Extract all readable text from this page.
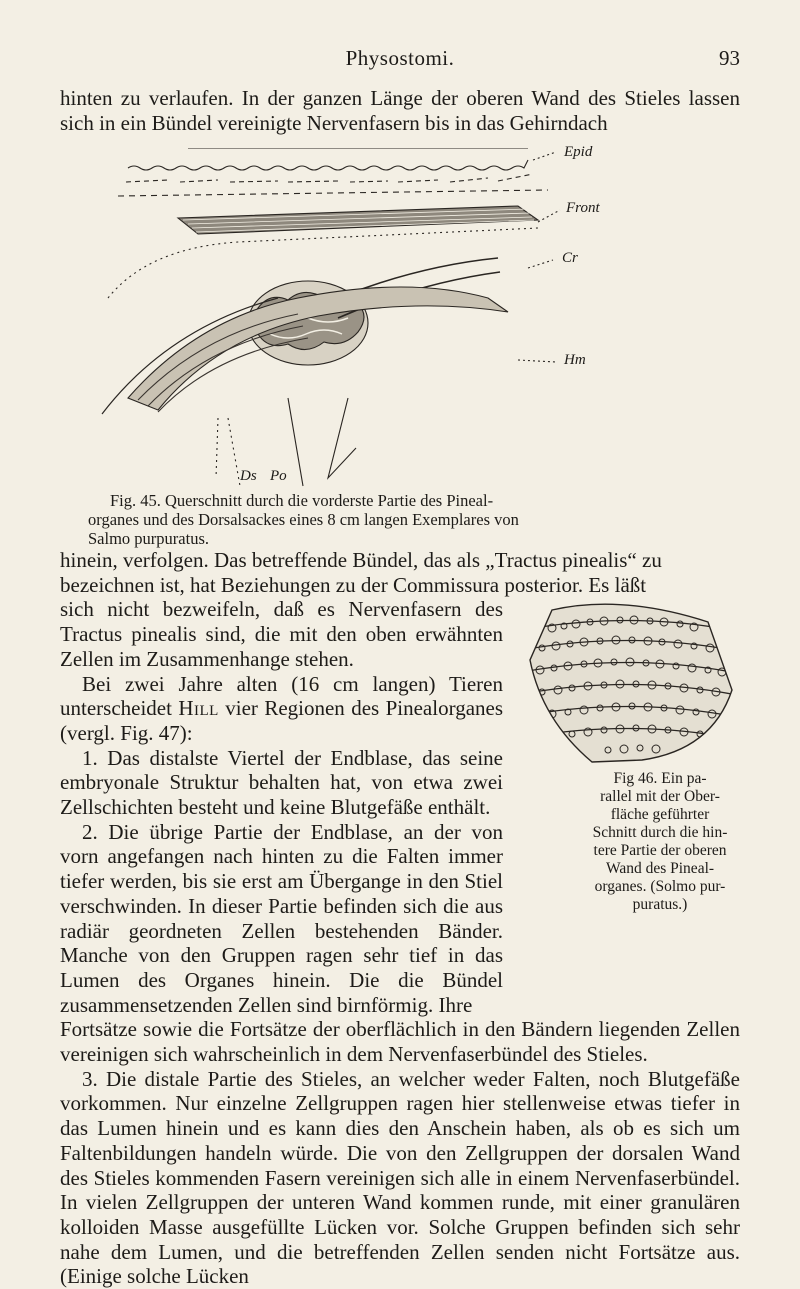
Physostomi.	93

hinten zu verlaufen. In der ganzen Länge der oberen Wand des Stieles lassen sich in ein Bündel vereinigte Nervenfasern bis in das Gehirndach

Epid
Front
Cr
Hm
Ds Po

Fig. 45. Querschnitt durch die vorderste Partie des Pineal-

organes und des Dorsalsackes eines 8 cm langen Exemplares von

Salmo purpuratus.

hinein, verfolgen. Das betreffende Bündel, das als „Tractus pinealis“ zu

bezeichnen ist, hat Beziehungen zu der Commissura posterior. Es läßt

sich nicht bezweifeln, daß es Nervenfasern des Tractus pinealis sind, die mit den oben erwähnten Zellen im Zusammenhange stehen.

Bei zwei Jahre alten (16 cm langen) Tieren unterscheidet Hill vier Regionen des Pinealorganes (vergl. Fig. 47):

1. Das distalste Viertel der Endblase, das seine embryonale Struktur behalten hat, von etwa zwei Zellschichten besteht und keine Blutgefäße enthält.

2. Die übrige Partie der Endblase, an der von vorn angefangen nach hinten zu die Falten immer tiefer werden, bis sie erst am Übergange in den Stiel verschwinden. In dieser Partie befinden sich die aus radiär geordneten Zellen bestehenden Bänder. Manche von den Gruppen ragen sehr tief in das Lumen des Organes hinein. Die die Bündel zusammensetzenden Zellen sind birnförmig. Ihre

Fortsätze sowie die Fortsätze der oberflächlich in den Bändern liegenden Zellen vereinigen sich wahrscheinlich in dem Nervenfaserbündel des Stieles.

3. Die distale Partie des Stieles, an welcher weder Falten, noch Blutgefäße vorkommen. Nur einzelne Zellgruppen ragen hier stellenweise etwas tiefer in das Lumen hinein und es kann dies den Anschein haben, als ob es sich um Faltenbildungen handeln würde. Die von den Zellgruppen der dorsalen Wand des Stieles kommenden Fasern vereinigen sich alle in einem Nervenfaserbündel. In vielen Zellgruppen der unteren Wand kommen runde, mit einer granulären kolloiden Masse ausgefüllte Lücken vor. Solche Gruppen befinden sich sehr nahe dem Lumen, und die betreffenden Zellen senden nicht Fortsätze aus. (Einige solche Lücken

Fig 46. Ein pa-

rallel mit der Ober-

fläche geführter

Schnitt durch die hin-

tere Partie der oberen

Wand des Pineal-

organes. (Solmo pur-

puratus.)
